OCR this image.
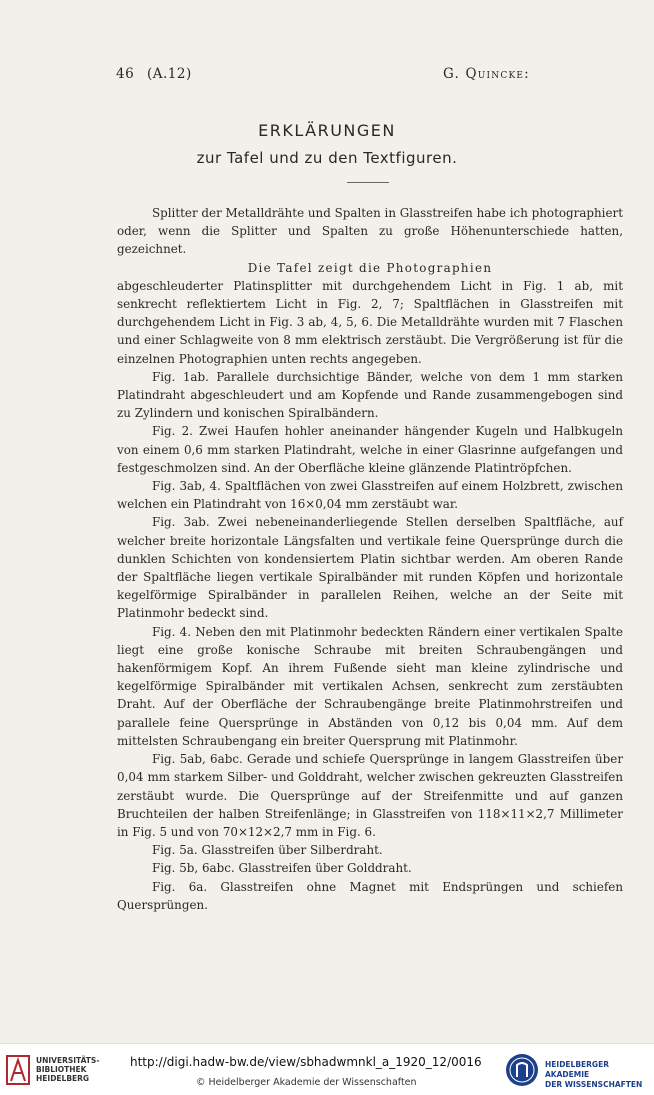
46 (A.12)	G. Quincke:
ERKLÄRUNGEN
zur Tafel und zu den Textfiguren.

Splitter der Metalldrähte und Spalten in Glasstreifen habe ich photographiert oder, wenn die Splitter und Spalten zu große Höhenunterschiede hatten, gezeichnet.

Die Tafel zeigt die Photographien

abgeschleuderter Platinsplitter mit durchgehendem Licht in Fig. 1 ab, mit senkrecht reflektiertem Licht in Fig. 2, 7; Spaltflächen in Glasstreifen mit durchgehendem Licht in Fig. 3 ab, 4, 5, 6. Die Metalldrähte wurden mit 7 Flaschen und einer Schlagweite von 8 mm elektrisch zerstäubt. Die Vergrößerung ist für die einzelnen Photographien unten rechts angegeben.

Fig. 1ab. Parallele durchsichtige Bänder, welche von dem 1 mm starken Platindraht abgeschleudert und am Kopfende und Rande zusammengebogen sind zu Zylindern und konischen Spiralbändern.

Fig. 2. Zwei Haufen hohler aneinander hängender Kugeln und Halbkugeln von einem 0,6 mm starken Platindraht, welche in einer Glasrinne aufgefangen und festgeschmolzen sind. An der Oberfläche kleine glänzende Platintröpfchen.

Fig. 3ab, 4. Spaltflächen von zwei Glasstreifen auf einem Holzbrett, zwischen welchen ein Platindraht von 16×0,04 mm zerstäubt war.

Fig. 3ab. Zwei nebeneinanderliegende Stellen derselben Spaltfläche, auf welcher breite horizontale Längsfalten und vertikale feine Quersprünge durch die dunklen Schichten von kondensiertem Platin sichtbar werden. Am oberen Rande der Spaltfläche liegen vertikale Spiralbänder mit runden Köpfen und horizontale kegelförmige Spiralbänder in parallelen Reihen, welche an der Seite mit Platinmohr bedeckt sind.

Fig. 4. Neben den mit Platinmohr bedeckten Rändern einer vertikalen Spalte liegt eine große konische Schraube mit breiten Schraubengängen und hakenförmigem Kopf. An ihrem Fußende sieht man kleine zylindrische und kegelförmige Spiralbänder mit vertikalen Achsen, senkrecht zum zerstäubten Draht. Auf der Oberfläche der Schraubengänge breite Platinmohrstreifen und parallele feine Quersprünge in Abständen von 0,12 bis 0,04 mm. Auf dem mittelsten Schraubengang ein breiter Quersprung mit Platinmohr.

Fig. 5ab, 6abc. Gerade und schiefe Quersprünge in langem Glasstreifen über 0,04 mm starkem Silber- und Golddraht, welcher zwischen gekreuzten Glasstreifen zerstäubt wurde. Die Quersprünge auf der Streifenmitte und auf ganzen Bruchteilen der halben Streifenlänge; in Glasstreifen von 118×11×2,7 Millimeter in Fig. 5 und von 70×12×2,7 mm in Fig. 6.

Fig. 5a. Glasstreifen über Silberdraht.

Fig. 5b, 6abc. Glasstreifen über Golddraht.

Fig. 6a. Glasstreifen ohne Magnet mit Endsprüngen und schiefen Quersprüngen.

UNIVERSITÄTS-
BIBLIOTHEK
HEIDELBERG
http://digi.hadw-bw.de/view/sbhadwmnkl_a_1920_12/0016
© Heidelberger Akademie der Wissenschaften
HEIDELBERGER AKADEMIE
DER WISSENSCHAFTEN
